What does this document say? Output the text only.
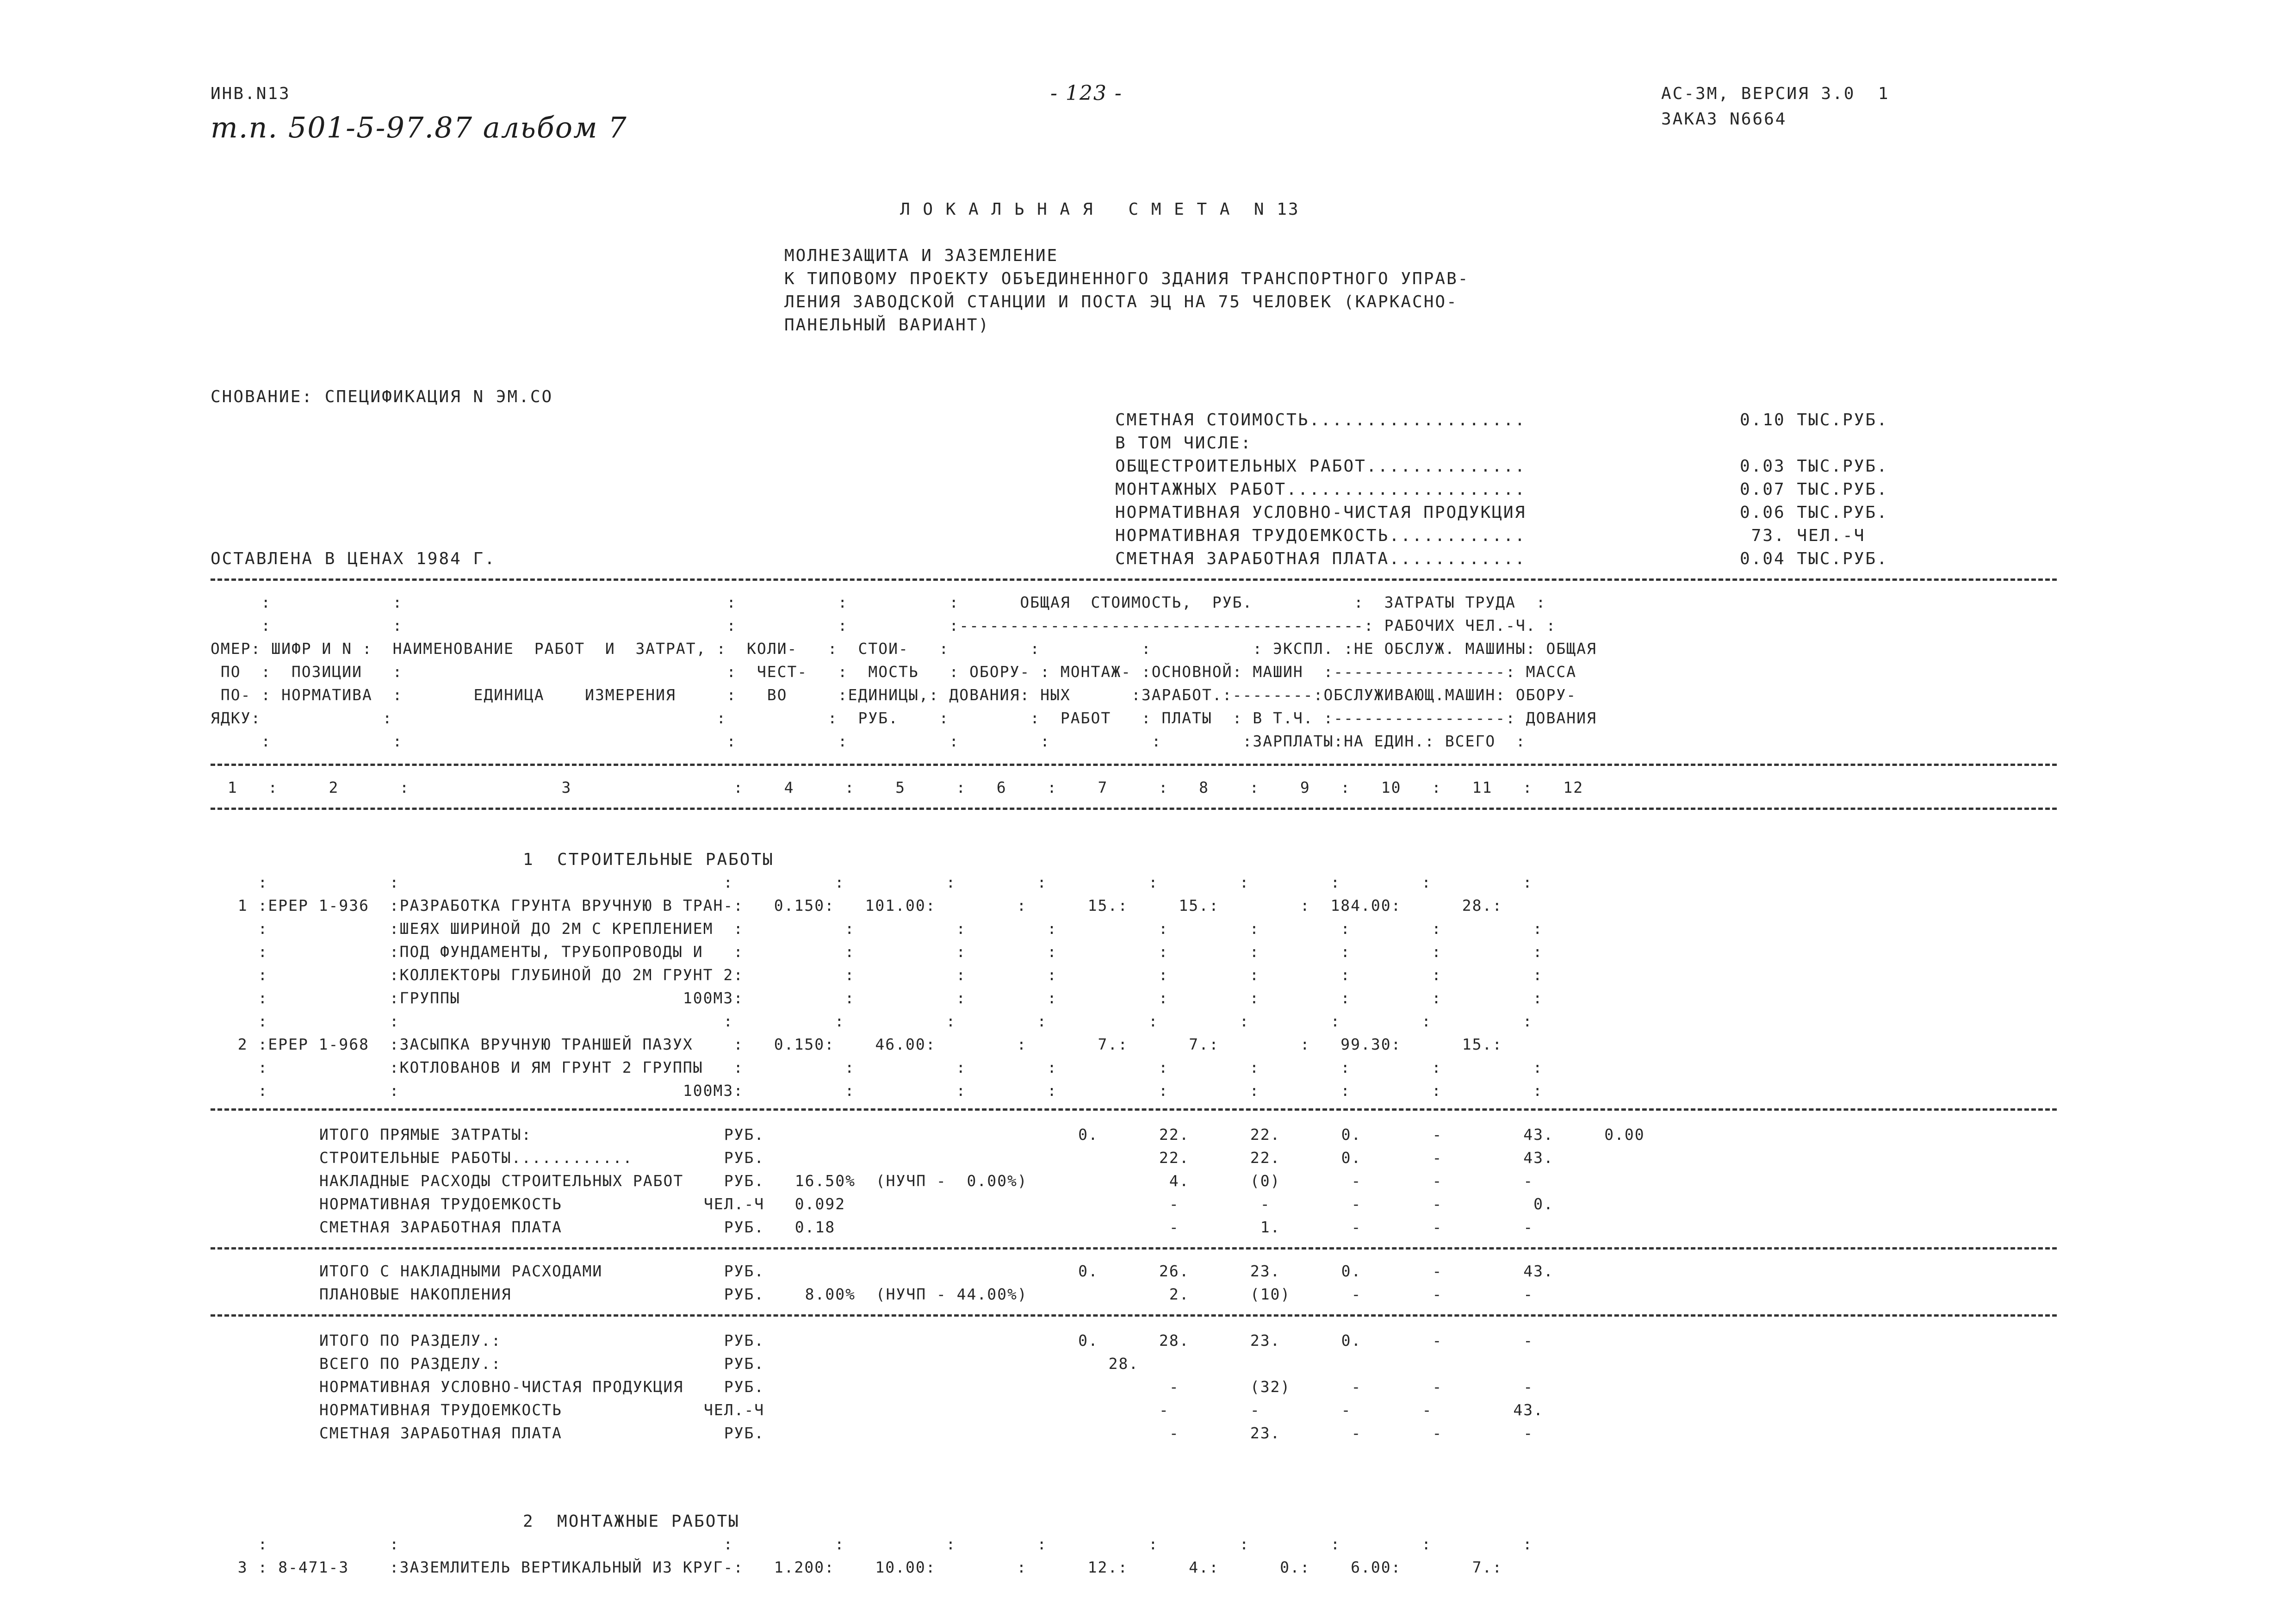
ИНВ.N13
т.п. 501-5-97.87 альбом 7
- 123 -	АС-3М, ВЕРСИЯ 3.0  1
ЗАКАЗ N6664
Л О К А Л Ь Н А Я   С М Е Т А  N 13
МОЛНЕЗАЩИТА И ЗАЗЕМЛЕНИЕ
К ТИПОВОМУ ПРОЕКТУ ОБЪЕДИНЕННОГО ЗДАНИЯ ТРАНСПОРТНОГО УПРАВ-
ЛЕНИЯ ЗАВОДСКОЙ СТАНЦИИ И ПОСТА ЭЦ НА 75 ЧЕЛОВЕК (КАРКАСНО-
ПАНЕЛЬНЫЙ ВАРИАНТ)
СНОВАНИЕ: СПЕЦИФИКАЦИЯ N ЭМ.СО
СМЕТНАЯ СТОИМОСТЬ...................	0.10 ТЫС.РУБ.
В ТОМ ЧИСЛЕ:
ОБЩЕСТРОИТЕЛЬНЫХ РАБОТ..............	0.03 ТЫС.РУБ.
МОНТАЖНЫХ РАБОТ.....................	0.07 ТЫС.РУБ.
НОРМАТИВНАЯ УСЛОВНО-ЧИСТАЯ ПРОДУКЦИЯ	0.06 ТЫС.РУБ.
НОРМАТИВНАЯ ТРУДОЕМКОСТЬ............	73. ЧЕЛ.-Ч
СМЕТНАЯ ЗАРАБОТНАЯ ПЛАТА............	0.04 ТЫС.РУБ.
ОСТАВЛЕНА В ЦЕНАХ 1984 Г.
:            :                                :          :          :      ОБЩАЯ  СТОИМОСТЬ,  РУБ.          :  ЗАТРАТЫ ТРУДА  :
:            :                                :          :          :----------------------------------------: РАБОЧИХ ЧЕЛ.-Ч. :
ОМЕР: ШИФР И N :  НАИМЕНОВАНИЕ  РАБОТ  И  ЗАТРАТ, :  КОЛИ-   :  СТОИ-   :        :          :          : ЭКСПЛ. :НЕ ОБСЛУЖ. МАШИНЫ: ОБЩАЯ
ПО  :  ПОЗИЦИИ   :                                :  ЧЕСТ-   :  МОСТЬ   : ОБОРУ- : МОНТАЖ- :ОСНОВНОЙ: МАШИН  :-----------------: МАССА
ПО- : НОРМАТИВА  :       ЕДИНИЦА    ИЗМЕРЕНИЯ     :   ВО     :ЕДИНИЦЫ,: ДОВАНИЯ: НЫХ      :ЗАРАБОТ.:--------:ОБСЛУЖИВАЮЩ.МАШИН: ОБОРУ-
ЯДКУ:            :                                :          :  РУБ.    :        :  РАБОТ   : ПЛАТЫ  : В Т.Ч. :-----------------: ДОВАНИЯ
:            :                                :          :          :        :          :        :ЗАРПЛАТЫ:НА ЕДИН.: ВСЕГО  :
1   :     2      :               3                :    4     :    5     :   6    :    7     :   8    :    9   :   10   :   11   :   12
1  СТРОИТЕЛЬНЫЕ РАБОТЫ
:            :                                :          :          :        :          :        :        :        :         :
1 :ЕРЕР 1-936  :РАЗРАБОТКА ГРУНТА ВРУЧНУЮ В ТРАН-:   0.150:   101.00:        :      15.:     15.:        :  184.00:      28.:
:            :ШЕЯХ ШИРИНОЙ ДО 2М С КРЕПЛЕНИЕМ  :          :          :        :          :        :        :        :         :
:            :ПОД ФУНДАМЕНТЫ, ТРУБОПРОВОДЫ И   :          :          :        :          :        :        :        :         :
:            :КОЛЛЕКТОРЫ ГЛУБИНОЙ ДО 2М ГРУНТ 2:          :          :        :          :        :        :        :         :
:            :ГРУППЫ                      100М3:          :          :        :          :        :        :        :         :
:            :                                :          :          :        :          :        :        :        :         :
2 :ЕРЕР 1-968  :ЗАСЫПКА ВРУЧНУЮ ТРАНШЕЙ ПАЗУХ    :   0.150:    46.00:        :       7.:      7.:        :   99.30:      15.:
:            :КОТЛОВАНОВ И ЯМ ГРУНТ 2 ГРУППЫ   :          :          :        :          :        :        :        :         :
:            :                            100М3:          :          :        :          :        :        :        :         :
ИТОГО ПРЯМЫЕ ЗАТРАТЫ:                   РУБ.                               0.      22.      22.      0.       -        43.     0.00
СТРОИТЕЛЬНЫЕ РАБОТЫ............         РУБ.                                       22.      22.      0.       -        43.
НАКЛАДНЫЕ РАСХОДЫ СТРОИТЕЛЬНЫХ РАБОТ    РУБ.   16.50%  (НУЧП -  0.00%)              4.      (0)       -       -        -
НОРМАТИВНАЯ ТРУДОЕМКОСТЬ              ЧЕЛ.-Ч   0.092                                -        -        -       -         0.
СМЕТНАЯ ЗАРАБОТНАЯ ПЛАТА                РУБ.   0.18                                 -        1.       -       -        -
ИТОГО С НАКЛАДНЫМИ РАСХОДАМИ            РУБ.                               0.      26.      23.      0.       -        43.
ПЛАНОВЫЕ НАКОПЛЕНИЯ                     РУБ.    8.00%  (НУЧП - 44.00%)              2.      (10)      -       -        -
ИТОГО ПО РАЗДЕЛУ.:                      РУБ.                               0.      28.      23.      0.       -        -
ВСЕГО ПО РАЗДЕЛУ.:                      РУБ.                                  28.
НОРМАТИВНАЯ УСЛОВНО-ЧИСТАЯ ПРОДУКЦИЯ    РУБ.                                        -       (32)      -       -        -
НОРМАТИВНАЯ ТРУДОЕМКОСТЬ              ЧЕЛ.-Ч                                       -        -        -       -        43.
СМЕТНАЯ ЗАРАБОТНАЯ ПЛАТА                РУБ.                                        -       23.       -       -        -
2  МОНТАЖНЫЕ РАБОТЫ
:            :                                :          :          :        :          :        :        :        :         :
3 : 8-471-3    :ЗАЗЕМЛИТЕЛЬ ВЕРТИКАЛЬНЫЙ ИЗ КРУГ-:   1.200:    10.00:        :      12.:      4.:      0.:    6.00:       7.:
